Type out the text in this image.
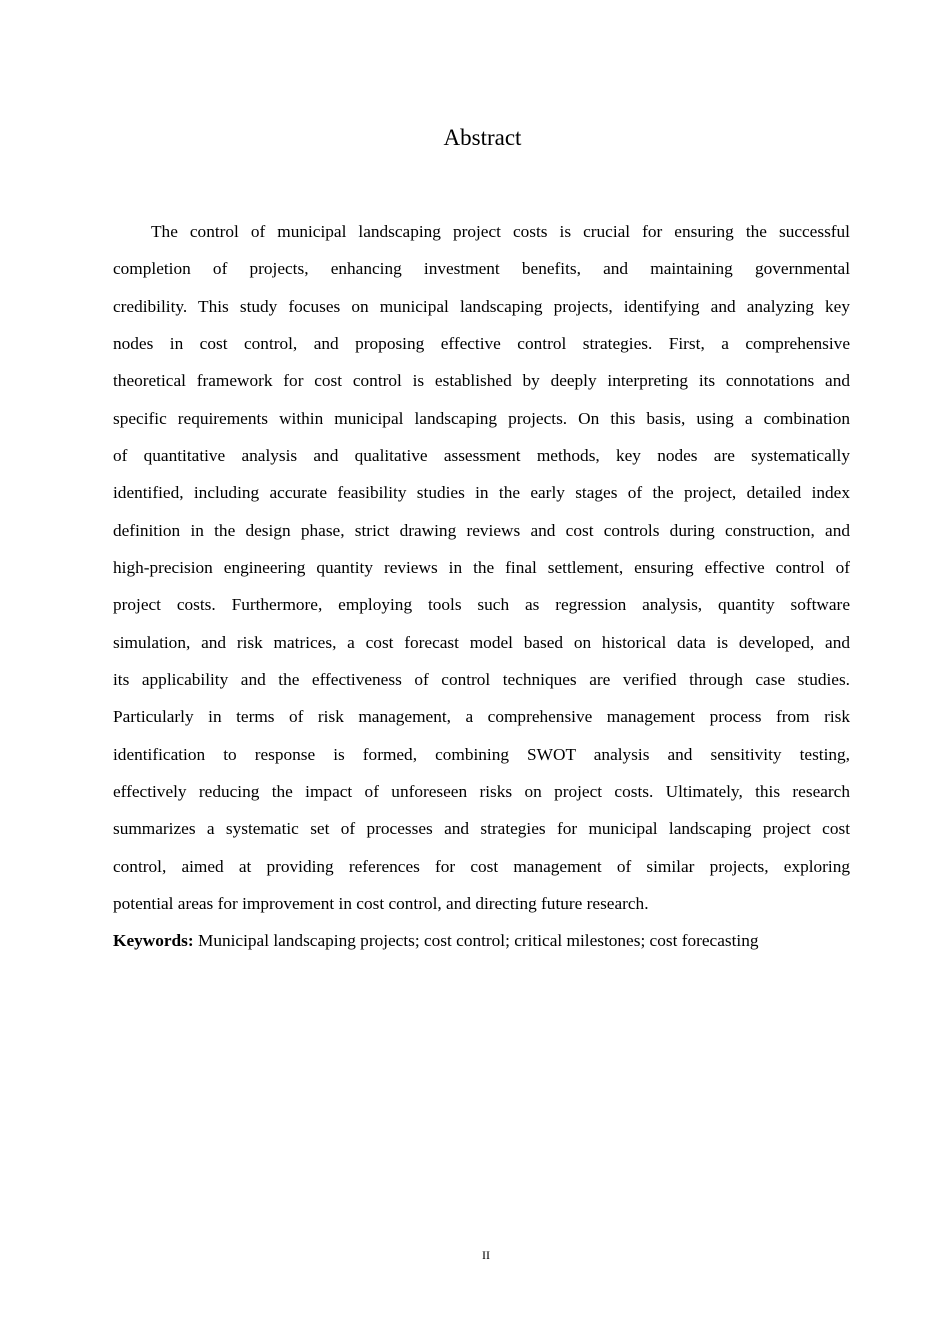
Abstract
The control of municipal landscaping project costs is crucial for ensuring the successful
completion of projects, enhancing investment benefits, and maintaining governmental
credibility. This study focuses on municipal landscaping projects, identifying and analyzing key
nodes in cost control, and proposing effective control strategies. First, a comprehensive
theoretical framework for cost control is established by deeply interpreting its connotations and
specific requirements within municipal landscaping projects. On this basis, using a combination
of quantitative analysis and qualitative assessment methods, key nodes are systematically
identified, including accurate feasibility studies in the early stages of the project, detailed index
definition in the design phase, strict drawing reviews and cost controls during construction, and
high-precision engineering quantity reviews in the final settlement, ensuring effective control of
project costs. Furthermore, employing tools such as regression analysis, quantity software
simulation, and risk matrices, a cost forecast model based on historical data is developed, and
its applicability and the effectiveness of control techniques are verified through case studies.
Particularly in terms of risk management, a comprehensive management process from risk
identification to response is formed, combining SWOT analysis and sensitivity testing,
effectively reducing the impact of unforeseen risks on project costs. Ultimately, this research
summarizes a systematic set of processes and strategies for municipal landscaping project cost
control, aimed at providing references for cost management of similar projects, exploring
potential areas for improvement in cost control, and directing future research.
Keywords: Municipal landscaping projects; cost control; critical milestones; cost forecasting
II
